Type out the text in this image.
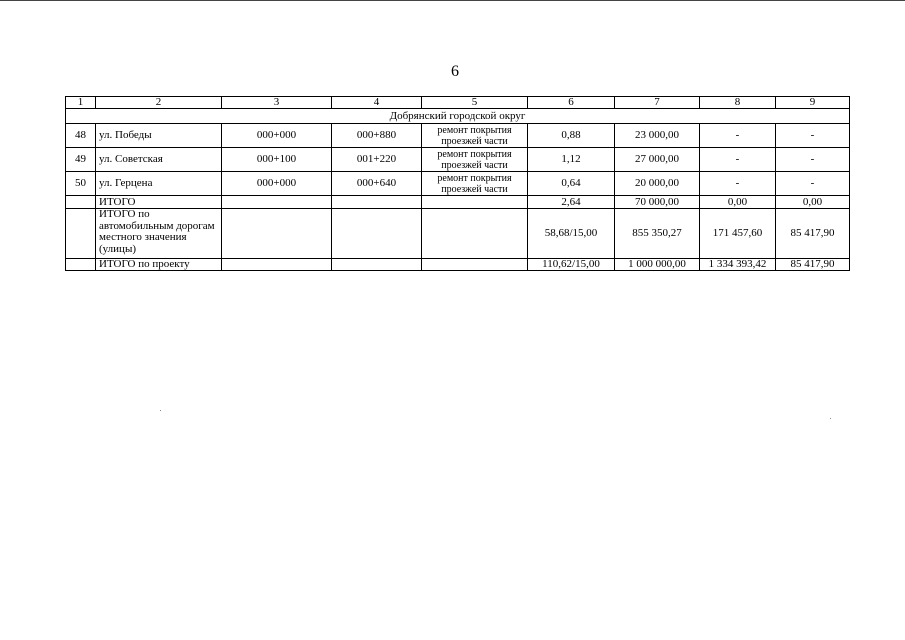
6
1	2	3	4	5	6	7	8	9
Добрянский городской округ								
48	ул. Победы	000+000	000+880	ремонт покрытия проезжей части	0,88	23 000,00	-	-
49	ул. Советская	000+100	001+220	ремонт покрытия проезжей части	1,12	27 000,00	-	-
50	ул. Герцена	000+000	000+640	ремонт покрытия проезжей части	0,64	20 000,00	-	-
	ИТОГО				2,64	70 000,00	0,00	0,00
	ИТОГО по автомобильным дорогам местного значения (улицы)				58,68/15,00	855 350,27	171 457,60	85 417,90
	ИТОГО по проекту				110,62/15,00	1 000 000,00	1 334 393,42	85 417,90
